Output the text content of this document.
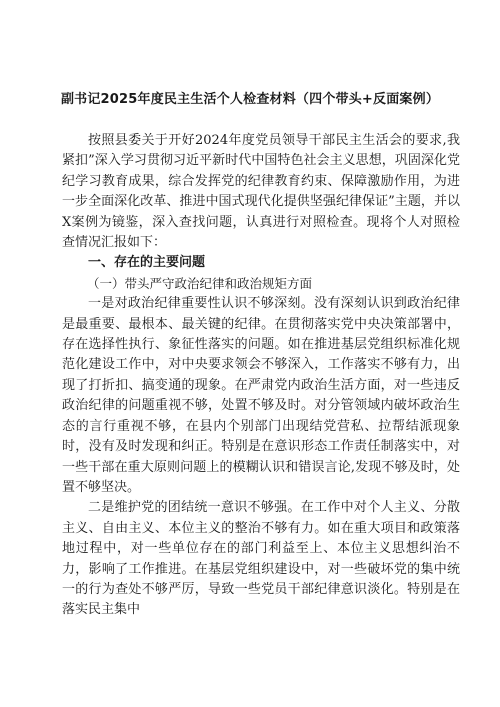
副书记2025年度民主生活个人检查材料（四个带头+反面案例）

按照县委关于开好2024年度党员领导干部民主生活会的要求,我紧扣”深入学习贯彻习近平新时代中国特色社会主义思想，巩固深化党纪学习教育成果，综合发挥党的纪律教育约束、保障激励作用，为进一步全面深化改革、推进中国式现代化提供坚强纪律保证”主题，并以X案例为镜鉴，深入查找问题，认真进行对照检查。现将个人对照检查情况汇报如下：

一、存在的主要问题

（一）带头严守政治纪律和政治规矩方面

一是对政治纪律重要性认识不够深刻。没有深刻认识到政治纪律是最重要、最根本、最关键的纪律。在贯彻落实党中央决策部署中，存在选择性执行、象征性落实的问题。如在推进基层党组织标准化规范化建设工作中，对中央要求领会不够深入，工作落实不够有力，出现了打折扣、搞变通的现象。在严肃党内政治生活方面，对一些违反政治纪律的问题重视不够，处置不够及时。对分管领域内破坏政治生态的言行重视不够，在县内个别部门出现结党营私、拉帮结派现象时，没有及时发现和纠正。特别是在意识形态工作责任制落实中，对一些干部在重大原则问题上的模糊认识和错误言论,发现不够及时，处置不够坚决。

二是维护党的团结统一意识不够强。在工作中对个人主义、分散主义、自由主义、本位主义的整治不够有力。如在重大项目和政策落地过程中，对一些单位存在的部门利益至上、本位主义思想纠治不力，影响了工作推进。在基层党组织建设中，对一些破坏党的集中统一的行为查处不够严厉，导致一些党员干部纪律意识淡化。特别是在落实民主集中
